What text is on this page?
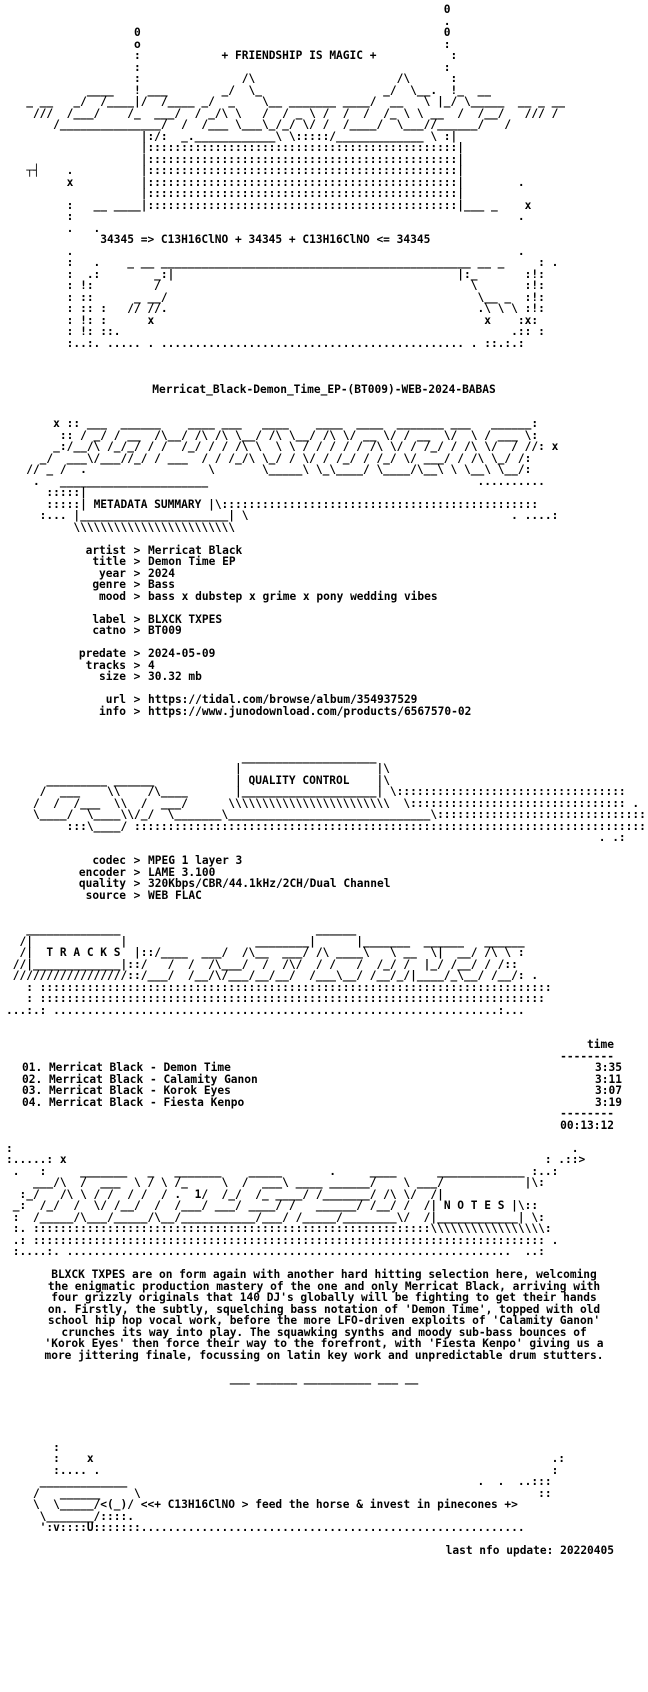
0
.
0                                             0
o                                             :
:	+ FRIENDSHIP IS MAGIC +	:
:                                             :
:               /\                     /\      :
____   ! ___        _/  \_                  _/  \__.  !_  __
_ __   _/  /____|/  /____ _/  _    \__ _______ ____/  __   \ |_/ \_____  __ _ __
///  /___/    /_  ___/  / _/\ \   /  / _ \ /  /  /  /_ \ \ __  /  /__/   /// /
/_______________/  /  /___ \___\_/_/ \/ /  /____/  \___//______/   /
|:/:  _.____________\ \:::::/_____________ \ :|
|::::::::::::::::::::::::::::::::::::::::::::::|
|::::::::::::::::::::::::::::::::::::::::::::::|
┬┤    .          |::::::::::::::::::::::::::::::::::::::::::::::|
x          |::::::::::::::::::::::::::::::::::::::::::::::|        .
|::::::::::::::::::::::::::::::::::::::::::::::|
:   __ ____|::::::::::::::::::::::::::::::::::::::::::::::|___ _    x
:                                                                  .
.   .
34345 => C13H16ClNO + 34345 + C13H16ClNO <= 34345
.                                                                  .
:   .    _ __ ______________________________________________ __ _     : .
:  .:        _:|                                          |:_       :!:
: !:         /                                              \       :!:
: ::      _ __/                                              \__ _  :!:
: :: :   // //.                                              .\ \ \ :!:
: !: :      x                                                 x    :x:
: !: ::.                                                          .:: :
:..:. ..... . ............................................. . ::.:.:
Merricat_Black-Demon_Time_EP-(BT009)-WEB-2024-BABAS
x :: ___  ______    ____ ___   ____    ____  ____  _______ ___   ______:
:: / _/ / __  /\__/ /\ /\ \__/ /\ \__/ /\ \/ __ \/ / __  \/  \ / ___ \:
_:/__/\ /_/_/ / /  /_/ / / /\ \  \ \ / / / / / /\ \/ / /_/ / /\ \/  / //: x
_/  ___\/___//_/ / ___  / / /_/\ \_/ / \/ / /_/ / /_/ \/ ___/ / /\ \_/ /:
// _ /  .                  \       \_____\ \_\____/ \____/\__\ \ \__\ \__/:
.   ______________________                                        ..........
:::::|
:::::| METADATA SUMMARY |\:::::::::::::::::::::::::::::::::::::::::::::::
:... |______________________| \                                       . ....:
\\\\\\\\\\\\\\\\\\\\\\\\
artist > Merricat Black
title > Demon Time EP
year > 2024
genre > Bass
mood > bass x dubstep x grime x pony wedding vibes
label > BLXCK TXPES
catno > BT009
predate > 2024-05-09
tracks > 4
size > 30.32 mb
url > https://tidal.com/browse/album/354937529
info > https://www.junodownload.com/products/6567570-02
____________________
|                    |\
_________ ______            | QUALITY CONTROL    |\
/  ___    \\    /\____       |____________________| \::::::::::::::::::::::::::::::::::
/  /  /___  \\  /  ___/      \\\\\\\\\\\\\\\\\\\\\\\\  \:::::::::::::::::::::::::::::::: .
\____/  \____\\/_/  \_______\______________________________\:::::::::::::::::::::::::::::::
:::\____/ ::::::::::::::::::::::::::::::::::::::::::::::::::::::::::::::::::::::::::::
. .:
codec > MPEG 1 layer 3
encoder > LAME 3.100
quality > 320Kbps/CBR/44.1kHz/2CH/Dual Channel
source > WEB FLAC
______________                             ______
/|             |                   ________|      |_______  ______   ______
/|  T R A C K S  |::/____  ___/  /\__  ___/ /\ ____\   \ __  \|  __/ /\ \ :
//|_____________|::/   /  /  /\___/  /  /\/  / /   /  /_/ /  |_/ /__/ / /::
/////////////////::/___/  /__/\/___/__/__/  /___\__/ /__/_/|____/_\__/ /__/: .
: ::::::::::::::::::::::::::::::::::::::::::::::::::::::::::::::::::::::::::::
: :::::::::::::::::::::::::::::::::::::::::::::::::::::::::::::::::::::::::::
...:.: ..................................................................:...
time
--------
01. Merricat Black - Demon Time	3:35
02. Merricat Black - Calamity Ganon	3:11
03. Merricat Black - Korok Eyes	3:07
04. Merricat Black - Fiesta Kenpo	3:19
--------
00:13:12
:                                                                                   .
:.....: x                                                                       : .::>
.   :     _______   _   _______    _____       .     ____      _____________ :..:
___/\  /  ___  \ / \ /_     \  /  ___\ ____ ______/    \ ___/            |\:
:_/   /\ \ / /  / /  / .  1/  /_/  /_ ____/ /_______/ /\ \/  /|
_:  /_/  /  \/ /__/  /  /___/ ___/ ____/ /   ______/ /__/ /  /| N O T E S |\::
:  /_____/\___/_____/\__/___________/___/ /_____/________\/  /|____________| \:
:. :::::::::::::::::::::::::::::::::::::::::::::::::::::::::::\\\\\\\\\\\\\\\\\:
.: :::::::::::::::::::::::::::::::::::::::::::::::::::::::::::::::::::::::::::: .
:....:. ..................................................................  ..:
BLXCK TXPES are on form again with another hard hitting selection here, welcoming the enigmatic production mastery of the one and only Merricat Black, arriving with four grizzly originals that 140 DJ's globally will be fighting to get their hands on. Firstly, the subtly, squelching bass notation of 'Demon Time', topped with old school hip hop vocal work, before the more LFO-driven exploits of 'Calamity Ganon' crunches its way into play. The squawking synths and moody sub-bass bounces of 'Korok Eyes' then force their way to the forefront, with 'Fiesta Kenpo' giving us a more jittering finale, focussing on latin key work and unpredictable drum stutters.
___ ______ __________ ___ __
:
:    x                                                                    .:
:.... .                                                                   :
_____________                                                    .  .  ..:::
/   ______     \                                                           ::
\  \_____/<(_)/ <<+ C13H16ClNO > feed the horse & invest in pinecones +>
\_______/::::.
':v::::U:::::::.........................................................
last nfo update: 20220405
